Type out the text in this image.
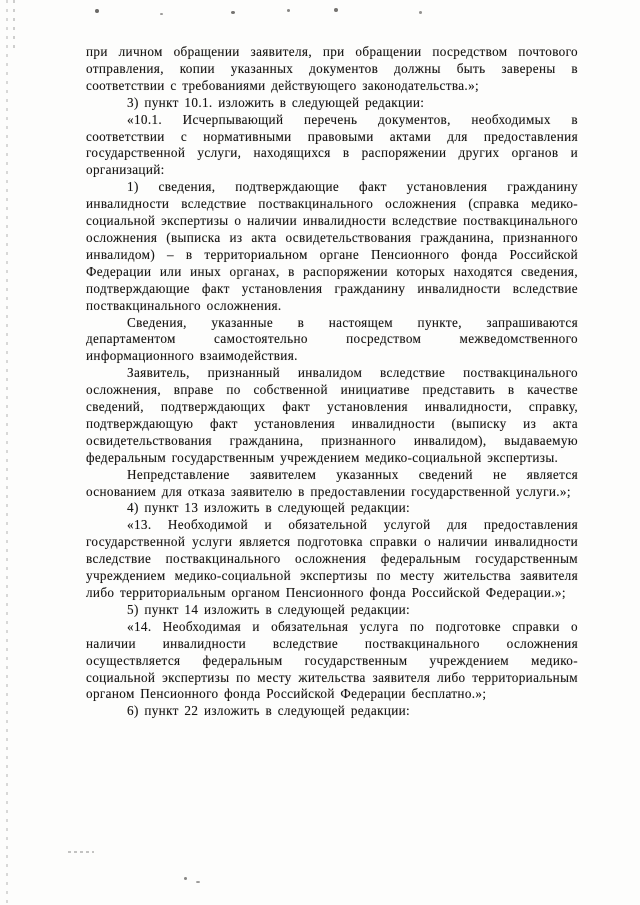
при личном обращении заявителя, при обращении посредством почтового отправления, копии указанных документов должны быть заверены в соответствии с требованиями действующего законодательства.»;

3) пункт 10.1. изложить в следующей редакции:

«10.1. Исчерпывающий перечень документов, необходимых в соответствии с нормативными правовыми актами для предоставления государственной услуги, находящихся в распоряжении других органов и организаций:

1) сведения, подтверждающие факт установления гражданину инвалидности вследствие поствакцинального осложнения (справка медико-социальной экспертизы о наличии инвалидности вследствие поствакцинального осложнения (выписка из акта освидетельствования гражданина, признанного инвалидом) – в территориальном органе Пенсионного фонда Российской Федерации или иных органах, в распоряжении которых находятся сведения, подтверждающие факт установления гражданину инвалидности вследствие поствакцинального осложнения.

Сведения, указанные в настоящем пункте, запрашиваются департаментом самостоятельно посредством межведомственного информационного взаимодействия.

Заявитель, признанный инвалидом вследствие поствакцинального осложнения, вправе по собственной инициативе представить в качестве сведений, подтверждающих факт установления инвалидности, справку, подтверждающую факт установления инвалидности (выписку из акта освидетельствования гражданина, признанного инвалидом), выдаваемую федеральным государственным учреждением медико-социальной экспертизы.

Непредставление заявителем указанных сведений не является основанием для отказа заявителю в предоставлении государственной услуги.»;

4) пункт 13 изложить в следующей редакции:

«13. Необходимой и обязательной услугой для предоставления государственной услуги является подготовка справки о наличии инвалидности вследствие поствакцинального осложнения федеральным государственным учреждением медико-социальной экспертизы по месту жительства заявителя либо территориальным органом Пенсионного фонда Российской Федерации.»;

5) пункт 14 изложить в следующей редакции:

«14. Необходимая и обязательная услуга по подготовке справки о наличии инвалидности вследствие поствакцинального осложнения осуществляется федеральным государственным учреждением медико-социальной экспертизы по месту жительства заявителя либо территориальным органом Пенсионного фонда Российской Федерации бесплатно.»;

6) пункт 22 изложить в следующей редакции:
